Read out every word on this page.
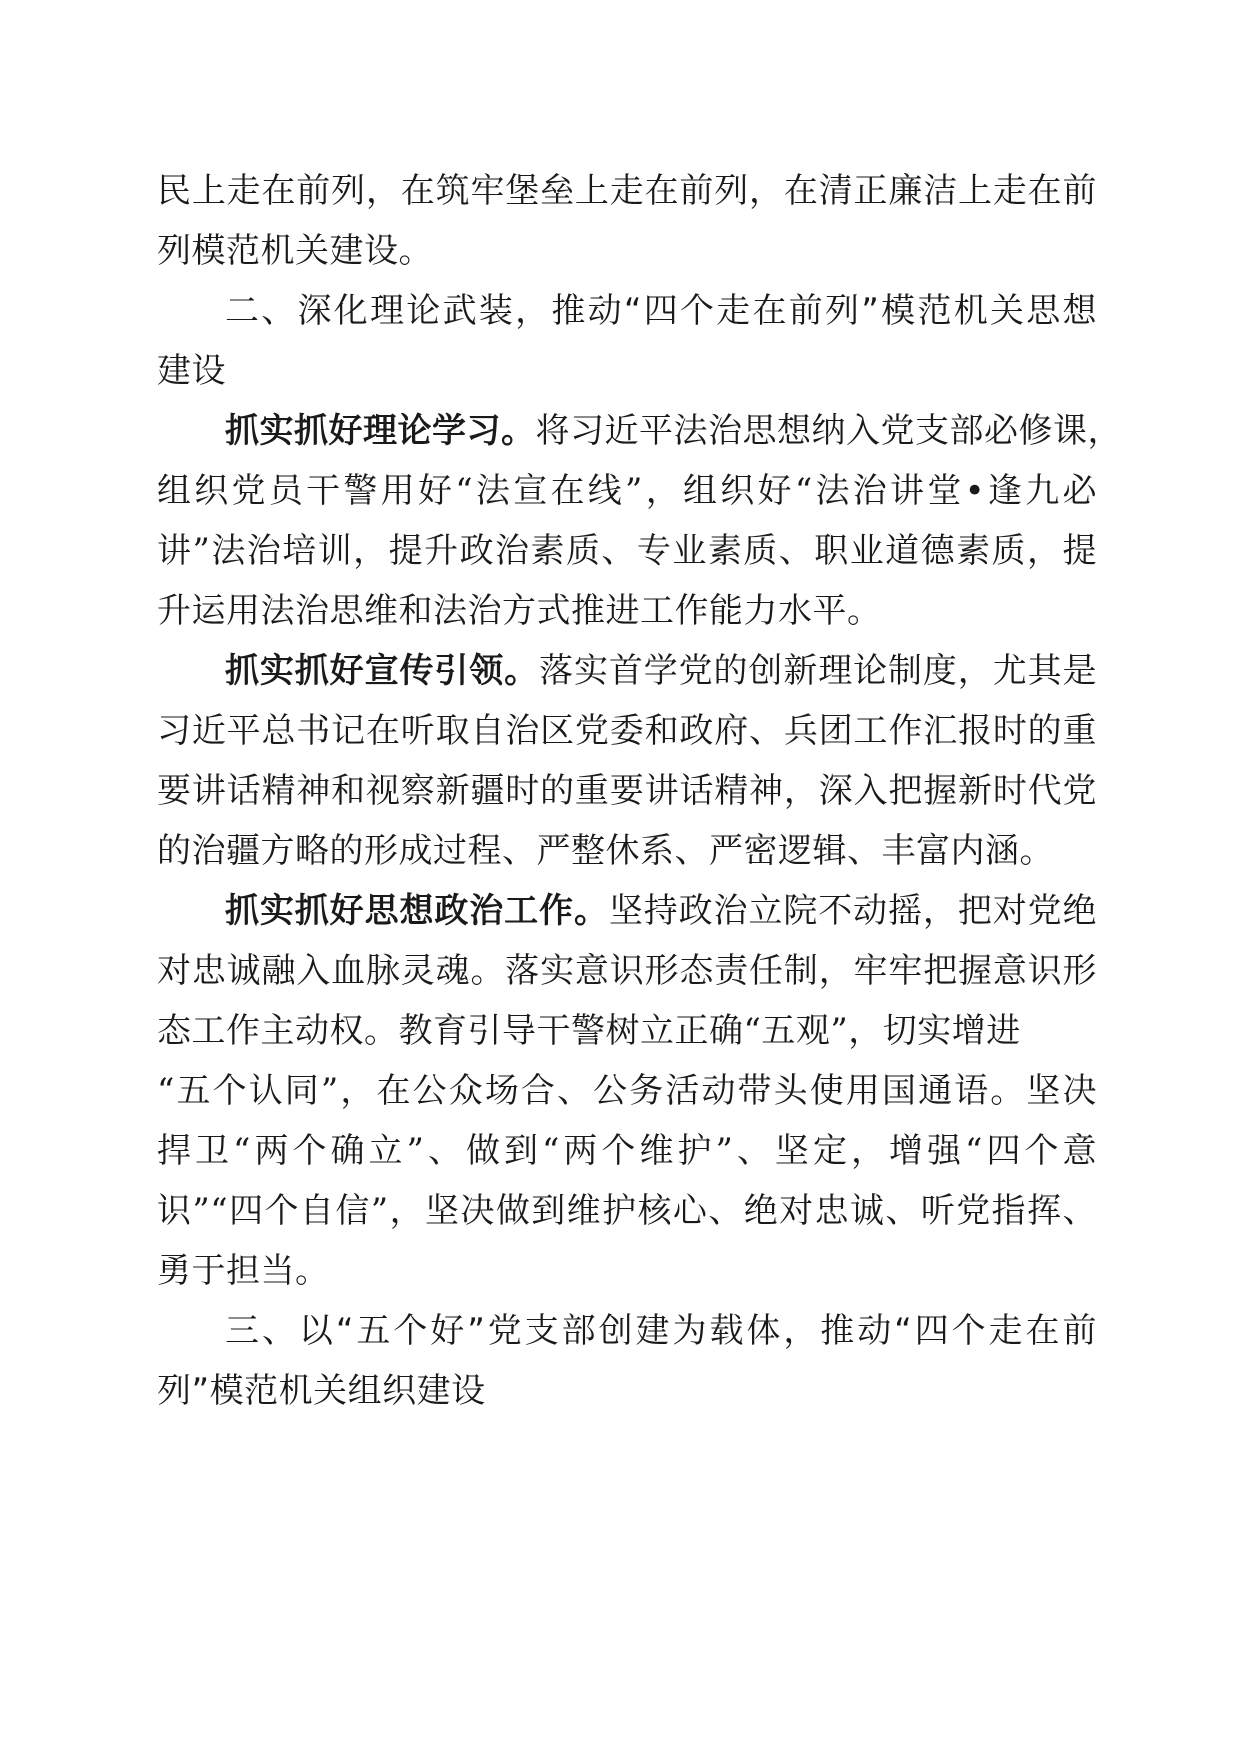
民上走在前列，在筑牢堡垒上走在前列，在清正廉洁上走在前
列模范机关建设。
二、深化理论武装，推动“四个走在前列”模范机关思想
建设
抓实抓好理论学习。将习近平法治思想纳入党支部必修课，
组织党员干警用好“法宣在线”，组织好“法治讲堂•逢九必
讲”法治培训，提升政治素质、专业素质、职业道德素质，提
升运用法治思维和法治方式推进工作能力水平。
抓实抓好宣传引领。落实首学党的创新理论制度，尤其是
习近平总书记在听取自治区党委和政府、兵团工作汇报时的重
要讲话精神和视察新疆时的重要讲话精神，深入把握新时代党
的治疆方略的形成过程、严整休系、严密逻辑、丰富内涵。
抓实抓好思想政治工作。坚持政治立院不动摇，把对党绝
对忠诚融入血脉灵魂。落实意识形态责任制，牢牢把握意识形
态工作主动权。教育引导干警树立正确“五观”，切实增进
“五个认同”，在公众场合、公务活动带头使用国通语。坚决
捍卫“两个确立”、做到“两个维护”、坚定，增强“四个意
识”“四个自信”，坚决做到维护核心、绝对忠诚、听党指挥、
勇于担当。
三、以“五个好”党支部创建为载体，推动“四个走在前
列”模范机关组织建设
